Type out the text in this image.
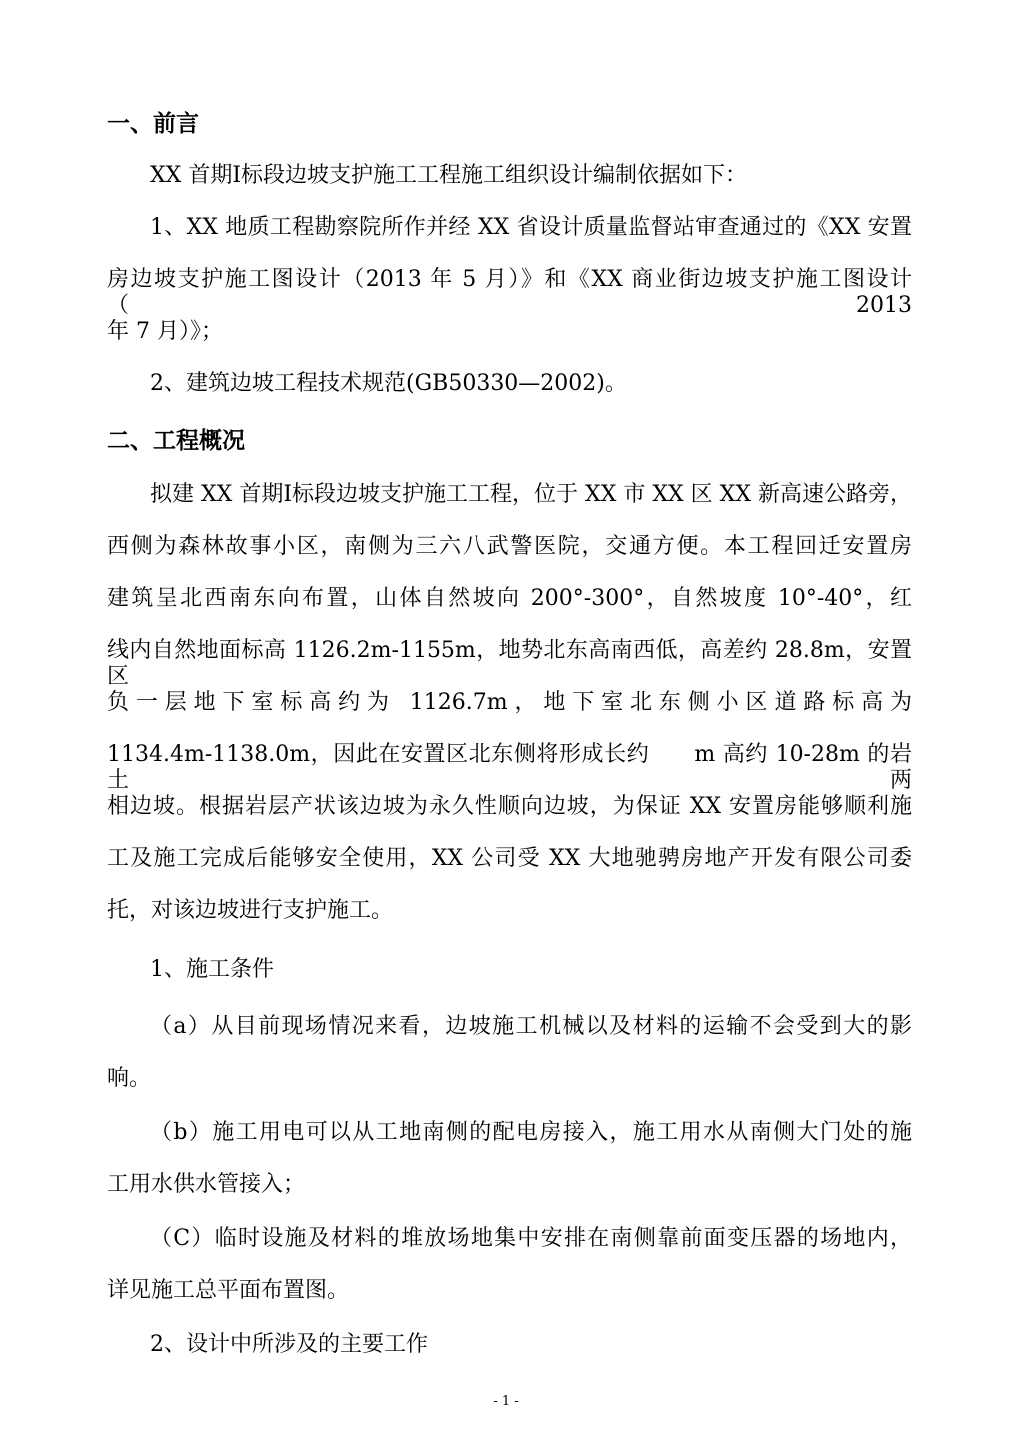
一、前言
XX 首期Ⅰ标段边坡支护施工工程施工组织设计编制依据如下：
1、XX 地质工程勘察院所作并经 XX 省设计质量监督站审查通过的《XX 安置
房边坡支护施工图设计（2013 年 5 月）》和《XX 商业街边坡支护施工图设计（2013
年 7 月）》；
2、建筑边坡工程技术规范(GB50330—2002)。
二、工程概况
拟建 XX 首期Ⅰ标段边坡支护施工工程，位于 XX 市 XX 区 XX 新高速公路旁，
西侧为森林故事小区，南侧为三六八武警医院，交通方便。本工程回迁安置房
建筑呈北西南东向布置，山体自然坡向 200°-300°，自然坡度 10°-40°，红
线内自然地面标高 1126.2m-1155m，地势北东高南西低，高差约 28.8m，安置区
负一层地下室标高约为 1126.7m，地下室北东侧小区道路标高为
1134.4m-1138.0m，因此在安置区北东侧将形成长约　　m 高约 10-28m 的岩土两
相边坡。根据岩层产状该边坡为永久性顺向边坡，为保证 XX 安置房能够顺利施
工及施工完成后能够安全使用，XX 公司受 XX 大地驰骋房地产开发有限公司委
托，对该边坡进行支护施工。
1、施工条件
（a）从目前现场情况来看，边坡施工机械以及材料的运输不会受到大的影
响。
（b）施工用电可以从工地南侧的配电房接入，施工用水从南侧大门处的施
工用水供水管接入；
（C）临时设施及材料的堆放场地集中安排在南侧靠前面变压器的场地内，
详见施工总平面布置图。
2、设计中所涉及的主要工作
- 1 -
